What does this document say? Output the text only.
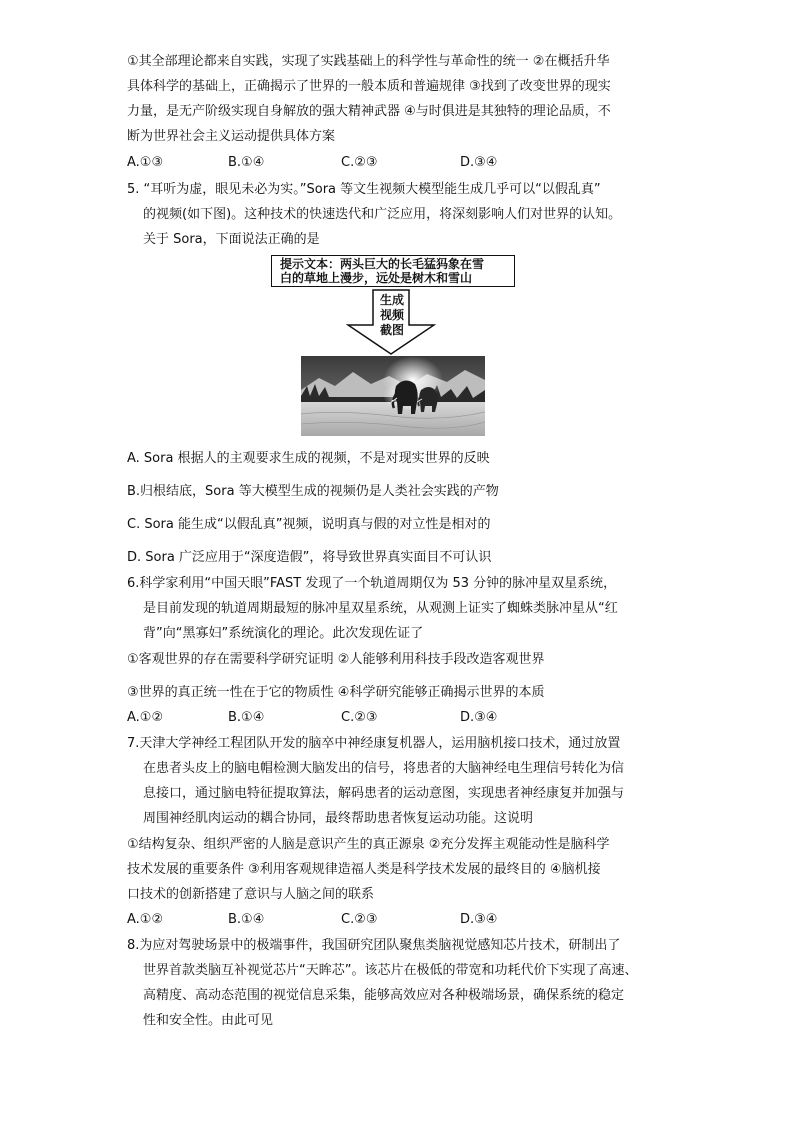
①其全部理论都来自实践，实现了实践基础上的科学性与革命性的统一 ②在概括升华
具体科学的基础上，正确揭示了世界的一般本质和普遍规律 ③找到了改变世界的现实
力量，是无产阶级实现自身解放的强大精神武器 ④与时俱进是其独特的理论品质，不
断为世界社会主义运动提供具体方案
A.①③	B.①④	C.②③	D.③④
5. “耳听为虚，眼见未必为实。”Sora 等文生视频大模型能生成几乎可以“以假乱真”
的视频(如下图)。这种技术的快速迭代和广泛应用，将深刻影响人们对世界的认知。
关于 Sora，下面说法正确的是
提示文本：两头巨大的长毛猛犸象在雪
白的草地上漫步，远处是树木和雪山
生成
视频
截图
A. Sora 根据人的主观要求生成的视频，不是对现实世界的反映
B.归根结底，Sora 等大模型生成的视频仍是人类社会实践的产物
C. Sora 能生成“以假乱真”视频，说明真与假的对立性是相对的
D. Sora 广泛应用于“深度造假”，将导致世界真实面目不可认识
6.科学家利用“中国天眼”FAST 发现了一个轨道周期仅为 53 分钟的脉冲星双星系统，
是目前发现的轨道周期最短的脉冲星双星系统，从观测上证实了蜘蛛类脉冲星从“红
背”向“黑寡妇”系统演化的理论。此次发现佐证了
①客观世界的存在需要科学研究证明 ②人能够利用科技手段改造客观世界
③世界的真正统一性在于它的物质性 ④科学研究能够正确揭示世界的本质
A.①②	B.①④	C.②③	D.③④
7.天津大学神经工程团队开发的脑卒中神经康复机器人，运用脑机接口技术，通过放置
在患者头皮上的脑电帽检测大脑发出的信号，将患者的大脑神经电生理信号转化为信
息接口，通过脑电特征提取算法，解码患者的运动意图，实现患者神经康复并加强与
周围神经肌肉运动的耦合协同，最终帮助患者恢复运动功能。这说明
①结构复杂、组织严密的人脑是意识产生的真正源泉 ②充分发挥主观能动性是脑科学
技术发展的重要条件 ③利用客观规律造福人类是科学技术发展的最终目的 ④脑机接
口技术的创新搭建了意识与人脑之间的联系
A.①②	B.①④	C.②③	D.③④
8.为应对驾驶场景中的极端事件，我国研究团队聚焦类脑视觉感知芯片技术，研制出了
世界首款类脑互补视觉芯片“天眸芯”。该芯片在极低的带宽和功耗代价下实现了高速、
高精度、高动态范围的视觉信息采集，能够高效应对各种极端场景，确保系统的稳定
性和安全性。由此可见
